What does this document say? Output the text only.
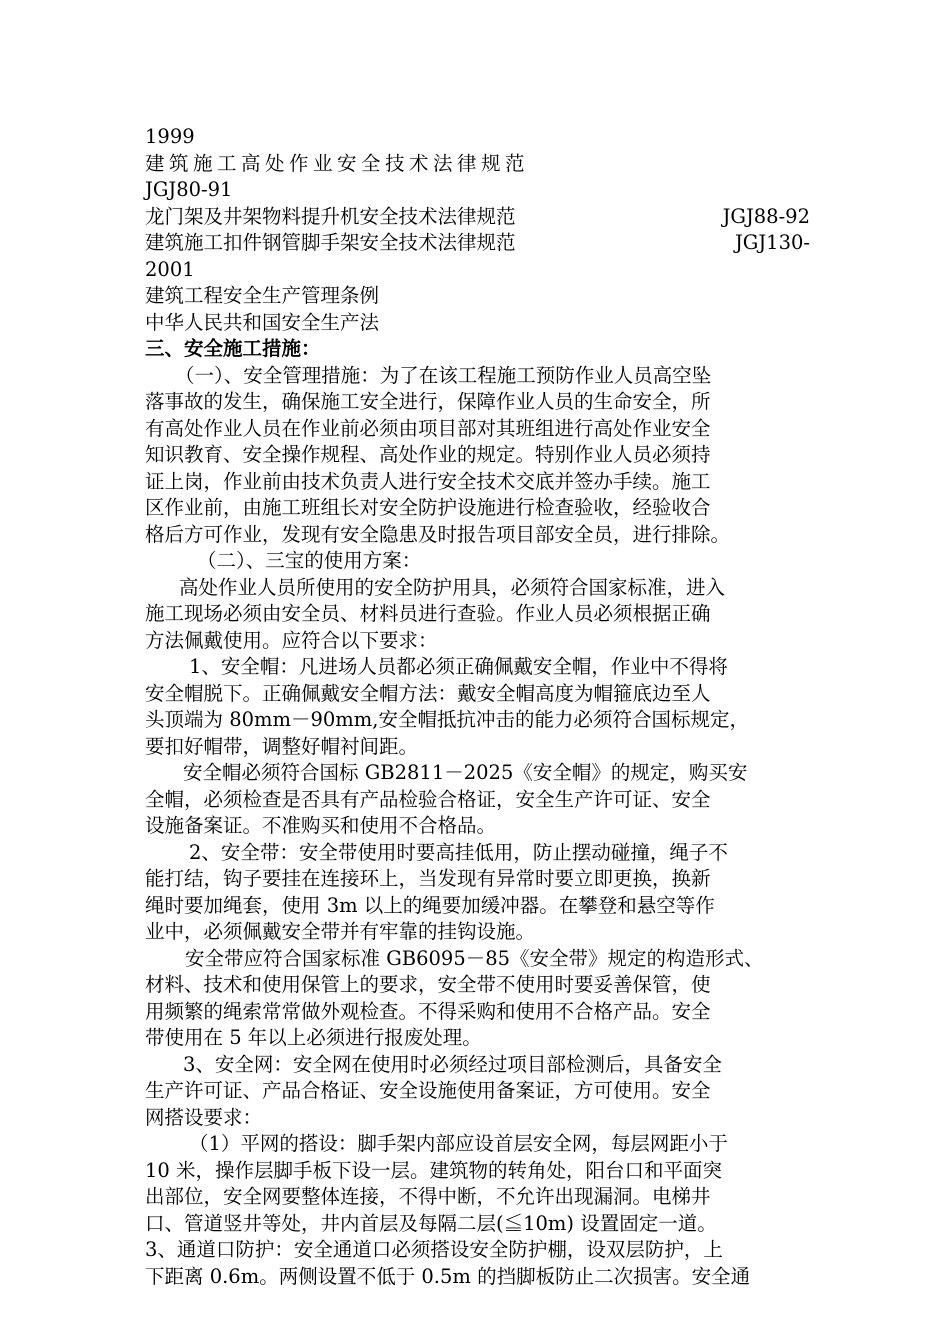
1999
建筑施工高处作业安全技术法律规范
JGJ80-91
龙门架及井架物料提升机安全技术法律规范	JGJ88-92
建筑施工扣件钢管脚手架安全技术法律规范	JGJ130-
2001
建筑工程安全生产管理条例
中华人民共和国安全生产法
三、安全施工措施：
（一）、安全管理措施：为了在该工程施工预防作业人员高空坠
落事故的发生，确保施工安全进行，保障作业人员的生命安全，所
有高处作业人员在作业前必须由项目部对其班组进行高处作业安全
知识教育、安全操作规程、高处作业的规定。特别作业人员必须持
证上岗，作业前由技术负责人进行安全技术交底并签办手续。施工
区作业前，由施工班组长对安全防护设施进行检查验收，经验收合
格后方可作业，发现有安全隐患及时报告项目部安全员，进行排除。
（二）、三宝的使用方案：
高处作业人员所使用的安全防护用具，必须符合国家标准，进入
施工现场必须由安全员、材料员进行查验。作业人员必须根据正确
方法佩戴使用。应符合以下要求：
1、安全帽：凡进场人员都必须正确佩戴安全帽，作业中不得将
安全帽脱下。正确佩戴安全帽方法：戴安全帽高度为帽箍底边至人
头顶端为 80mm－90mm,安全帽抵抗冲击的能力必须符合国标规定，
要扣好帽带，调整好帽衬间距。
安全帽必须符合国标 GB2811－2025《安全帽》的规定，购买安
全帽，必须检查是否具有产品检验合格证，安全生产许可证、安全
设施备案证。不准购买和使用不合格品。
2、安全带：安全带使用时要高挂低用，防止摆动碰撞，绳子不
能打结，钩子要挂在连接环上，当发现有异常时要立即更换，换新
绳时要加绳套，使用 3m 以上的绳要加缓冲器。在攀登和悬空等作
业中，必须佩戴安全带并有牢靠的挂钩设施。
安全带应符合国家标准 GB6095－85《安全带》规定的构造形式、
材料、技术和使用保管上的要求，安全带不使用时要妥善保管，使
用频繁的绳索常常做外观检查。不得采购和使用不合格产品。安全
带使用在 5 年以上必须进行报废处理。
3、安全网：安全网在使用时必须经过项目部检测后，具备安全
生产许可证、产品合格证、安全设施使用备案证，方可使用。安全
网搭设要求：
（1）平网的搭设：脚手架内部应设首层安全网，每层网距小于
10 米，操作层脚手板下设一层。建筑物的转角处，阳台口和平面突
出部位，安全网要整体连接，不得中断，不允许出现漏洞。电梯井
口、管道竖井等处，井内首层及每隔二层(≦10m) 设置固定一道。
3、通道口防护：安全通道口必须搭设安全防护棚，设双层防护，上
下距离 0.6m。两侧设置不低于 0.5m 的挡脚板防止二次损害。安全通
